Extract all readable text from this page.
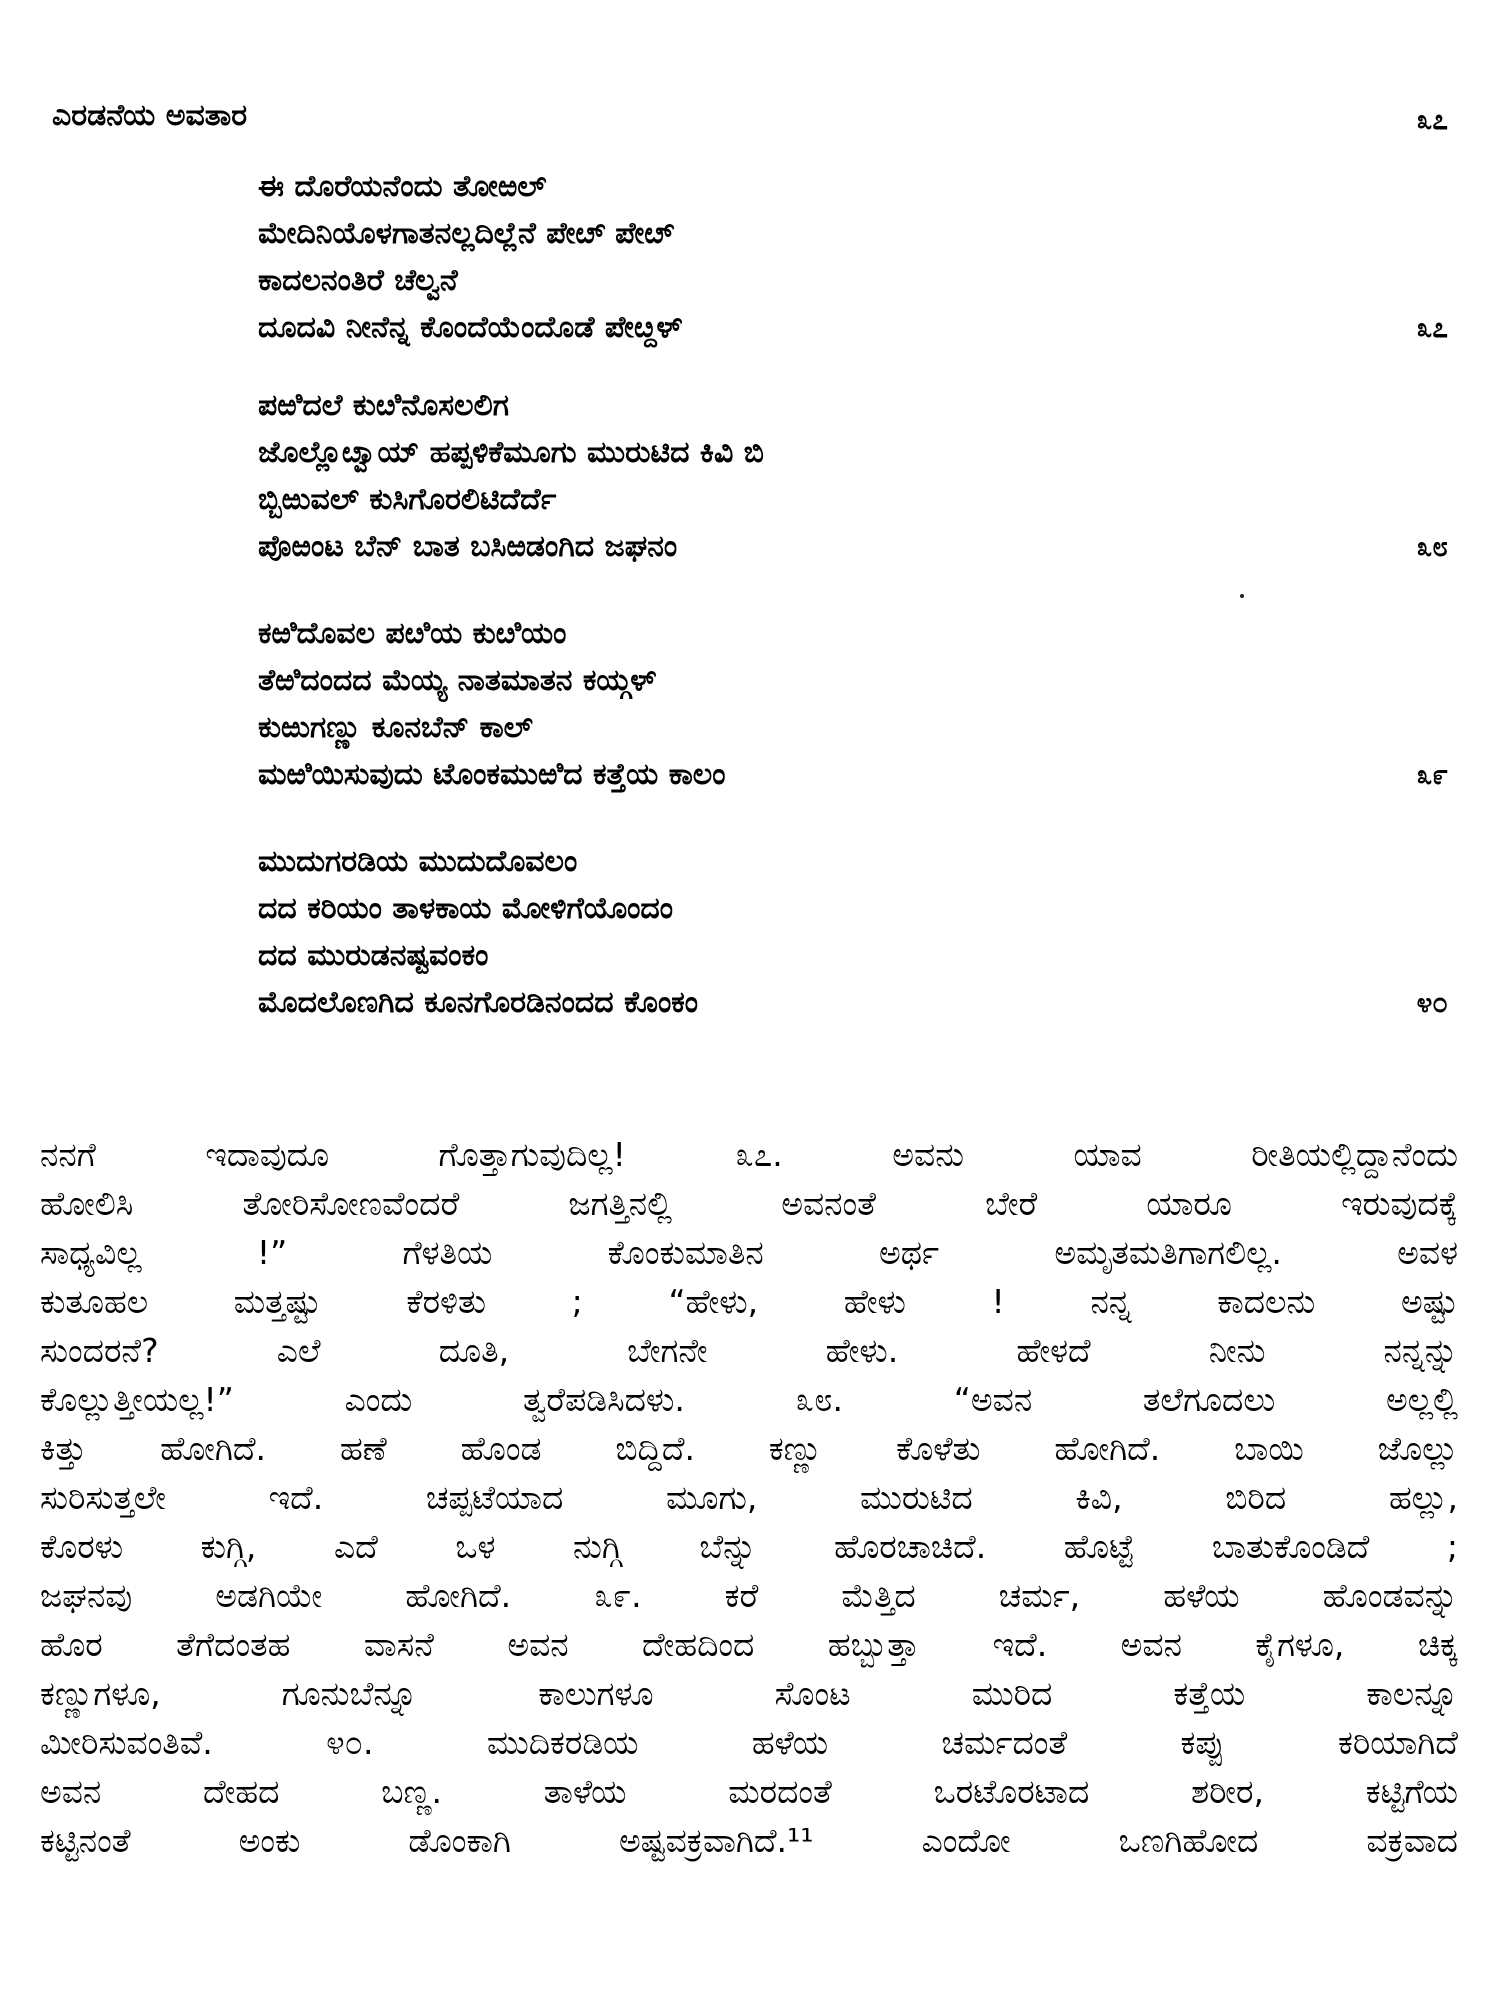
ಎರಡನೆಯ ಅವತಾರ	೩೭
ಈ ದೊರೆಯನೆಂದು ತೋಱಲ್
ಮೇದಿನಿಯೊಳಗಾತನಲ್ಲದಿಲ್ಲೆನೆ ಪೇೞ್ ಪೇೞ್
ಕಾದಲನಂತಿರೆ ಚೆಲ್ವನೆ
ದೂದವಿ ನೀನೆನ್ನ ಕೊಂದೆಯೆಂದೊಡೆ ಪೇೞ್ದಳ್	೩೭
ಪಱಿದಲೆ ಕುೞಿನೊಸಲಲಿಗ
ಜೊಲ್ಲೊೞ್ವಾಯ್ ಹಪ್ಪಳಿಕೆಮೂಗು ಮುರುಟಿದ ಕಿವಿ ಬಿ
ಬ್ಬಿಱುವಲ್ ಕುಸಿಗೊರಲಿಟಿದೆರ್ದೆ
ಪೊಱಂಟ ಬೆನ್ ಬಾತ ಬಸಿಱಡಂಗಿದ ಜಘನಂ	೩೮
ಕಱಿದೊವಲ ಪೞಿಯ ಕುೞಿಯಂ
ತೆಱಿದಂದದ ಮೆಯ್ಯ ನಾತಮಾತನ ಕಯ್ಗಳ್
ಕುಱುಗಣ್ಣು ಕೂನಬೆನ್ ಕಾಲ್
ಮಱಿಯಿಸುವುದು ಟೊಂಕಮುಱಿದ ಕತ್ತೆಯ ಕಾಲಂ	೩೯
ಮುದುಗರಡಿಯ ಮುದುದೊವಲಂ
ದದ ಕರಿಯಂ ತಾಳಕಾಯ ಮೋಳಿಗೆಯೊಂದಂ
ದದ ಮುರುಡನಷ್ಟವಂಕಂ
ಮೊದಲೊಣಗಿದ ಕೂನಗೊರಡಿನಂದದ ಕೊಂಕಂ	೪೦
ನನಗೆ ಇದಾವುದೂ ಗೊತ್ತಾಗುವುದಿಲ್ಲ! ೩೭. ಅವನು ಯಾವ ರೀತಿಯಲ್ಲಿದ್ದಾನೆಂದು
ಹೋಲಿಸಿ ತೋರಿಸೋಣವೆಂದರೆ ಜಗತ್ತಿನಲ್ಲಿ ಅವನಂತೆ ಬೇರೆ ಯಾರೂ ಇರುವುದಕ್ಕೆ
ಸಾಧ್ಯವಿಲ್ಲ !” ಗೆಳತಿಯ ಕೊಂಕುಮಾತಿನ ಅರ್ಥ ಅಮೃತಮತಿಗಾಗಲಿಲ್ಲ. ಅವಳ
ಕುತೂಹಲ ಮತ್ತಷ್ಟು ಕೆರಳಿತು ; “ಹೇಳು, ಹೇಳು ! ನನ್ನ ಕಾದಲನು ಅಷ್ಟು
ಸುಂದರನೆ? ಎಲೆ ದೂತಿ, ಬೇಗನೇ ಹೇಳು. ಹೇಳದೆ ನೀನು ನನ್ನನ್ನು
ಕೊಲ್ಲುತ್ತೀಯಲ್ಲ!” ಎಂದು ತ್ವರೆಪಡಿಸಿದಳು. ೩೮. “ಅವನ ತಲೆಗೂದಲು ಅಲ್ಲಲ್ಲಿ
ಕಿತ್ತು ಹೋಗಿದೆ. ಹಣೆ ಹೊಂಡ ಬಿದ್ದಿದೆ. ಕಣ್ಣು ಕೊಳೆತು ಹೋಗಿದೆ. ಬಾಯಿ ಜೊಲ್ಲು
ಸುರಿಸುತ್ತಲೇ ಇದೆ. ಚಪ್ಪಟೆಯಾದ ಮೂಗು, ಮುರುಟಿದ ಕಿವಿ, ಬಿರಿದ ಹಲ್ಲು,
ಕೊರಳು ಕುಗ್ಗಿ, ಎದೆ ಒಳ ನುಗ್ಗಿ ಬೆನ್ನು ಹೊರಚಾಚಿದೆ. ಹೊಟ್ಟೆ ಬಾತುಕೊಂಡಿದೆ ;
ಜಘನವು ಅಡಗಿಯೇ ಹೋಗಿದೆ. ೩೯. ಕರೆ ಮೆತ್ತಿದ ಚರ್ಮ, ಹಳೆಯ ಹೊಂಡವನ್ನು
ಹೊರ ತೆಗೆದಂತಹ ವಾಸನೆ ಅವನ ದೇಹದಿಂದ ಹಬ್ಬುತ್ತಾ ಇದೆ. ಅವನ ಕೈಗಳೂ, ಚಿಕ್ಕ
ಕಣ್ಣುಗಳೂ, ಗೂನುಬೆನ್ನೂ ಕಾಲುಗಳೂ ಸೊಂಟ ಮುರಿದ ಕತ್ತೆಯ ಕಾಲನ್ನೂ
ಮೀರಿಸುವಂತಿವೆ. ೪೦. ಮುದಿಕರಡಿಯ ಹಳೆಯ ಚರ್ಮದಂತೆ ಕಪ್ಪು ಕರಿಯಾಗಿದೆ
ಅವನ ದೇಹದ ಬಣ್ಣ. ತಾಳೆಯ ಮರದಂತೆ ಒರಟೊರಟಾದ ಶರೀರ, ಕಟ್ಟಿಗೆಯ
ಕಟ್ಟಿನಂತೆ ಅಂಕು ಡೊಂಕಾಗಿ ಅಷ್ಟವಕ್ರವಾಗಿದೆ.¹¹ ಎಂದೋ ಒಣಗಿಹೋದ ವಕ್ರವಾದ
